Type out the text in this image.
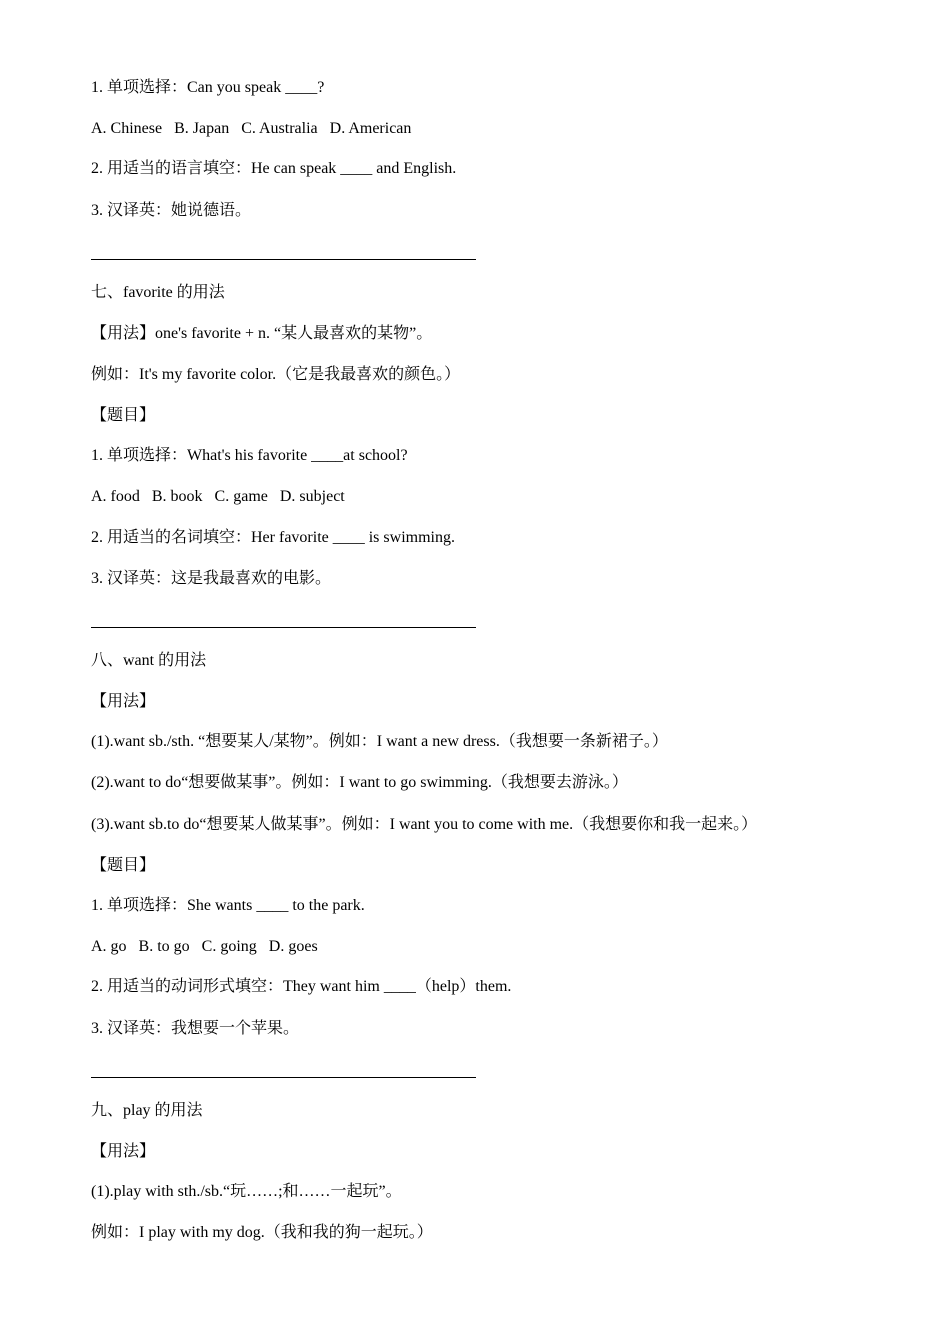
1. 单项选择：Can you speak ____?
A. Chinese   B. Japan   C. Australia   D. American
2. 用适当的语言填空：He can speak ____ and English.
3. 汉译英：她说德语。
七、favorite 的用法
【用法】one's favorite + n. “某人最喜欢的某物”。
例如：It's my favorite color.（它是我最喜欢的颜色。）
【题目】
1. 单项选择：What's his favorite ____at school?
A. food   B. book   C. game   D. subject
2. 用适当的名词填空：Her favorite ____ is swimming.
3. 汉译英：这是我最喜欢的电影。
八、want 的用法
【用法】
(1).want sb./sth. “想要某人/某物”。例如：I want a new dress.（我想要一条新裙子。）
(2).want to do“想要做某事”。例如：I want to go swimming.（我想要去游泳。）
(3).want sb.to do“想要某人做某事”。例如：I want you to come with me.（我想要你和我一起来。）
【题目】
1. 单项选择：She wants ____ to the park.
A. go   B. to go   C. going   D. goes
2. 用适当的动词形式填空：They want him ____（help）them.
3. 汉译英：我想要一个苹果。
九、play 的用法
【用法】
(1).play with sth./sb.“玩……;和……一起玩”。
例如：I play with my dog.（我和我的狗一起玩。）
